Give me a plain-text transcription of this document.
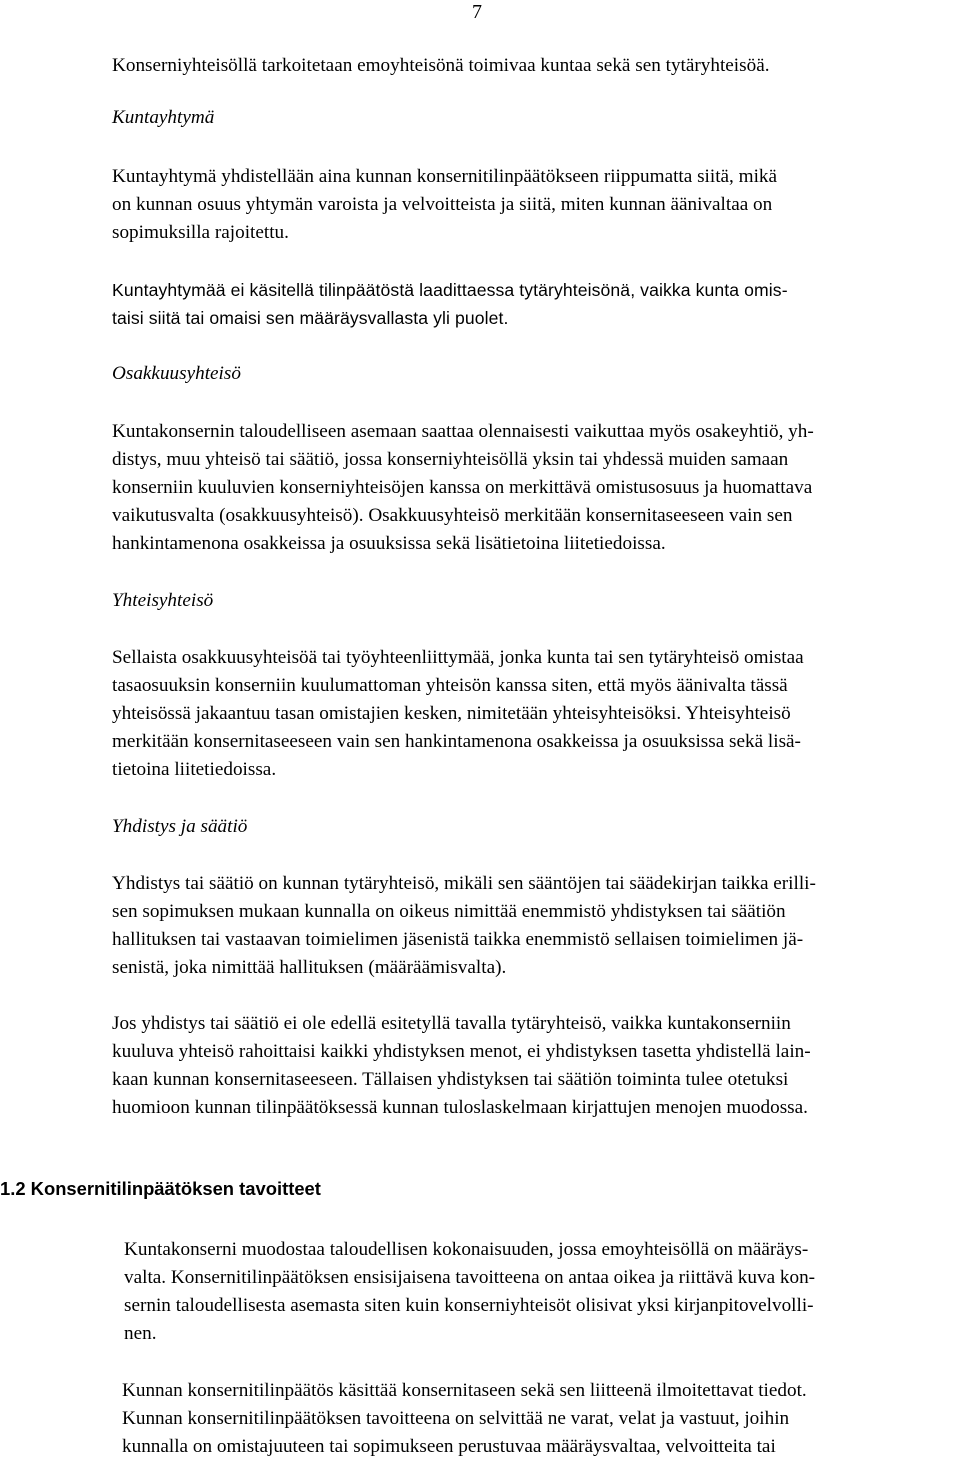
7

Konserniyhteisöllä tarkoitetaan emoyhteisönä toimivaa kuntaa sekä sen tytäryhteisöä.

Kuntayhtymä

Kuntayhtymä yhdistellään aina kunnan konsernitilinpäätökseen riippumatta siitä, mikä
on kunnan osuus yhtymän varoista ja velvoitteista ja siitä, miten kunnan äänivaltaa on
sopimuksilla rajoitettu.

Kuntayhtymää ei käsitellä tilinpäätöstä laadittaessa tytäryhteisönä, vaikka kunta omis-
taisi siitä tai omaisi sen määräysvallasta yli puolet.

Osakkuusyhteisö

Kuntakonsernin taloudelliseen asemaan saattaa olennaisesti vaikuttaa myös osakeyhtiö, yh-
distys, muu yhteisö tai säätiö, jossa konserniyhteisöllä yksin tai yhdessä muiden samaan
konserniin kuuluvien konserniyhteisöjen kanssa on merkittävä omistusosuus ja huomattava
vaikutusvalta (osakkuusyhteisö). Osakkuusyhteisö merkitään konsernitaseeseen vain sen
hankintamenona osakkeissa ja osuuksissa sekä lisätietoina liitetiedoissa.

Yhteisyhteisö

Sellaista osakkuusyhteisöä tai työyhteenliittymää, jonka kunta tai sen tytäryhteisö omistaa
tasaosuuksin konserniin kuulumattoman yhteisön kanssa siten, että myös äänivalta tässä
yhteisössä jakaantuu tasan omistajien kesken, nimitetään yhteisyhteisöksi. Yhteisyhteisö
merkitään konsernitaseeseen vain sen hankintamenona osakkeissa ja osuuksissa sekä lisä-
tietoina liitetiedoissa.

Yhdistys ja säätiö

Yhdistys tai säätiö on kunnan tytäryhteisö, mikäli sen sääntöjen tai säädekirjan taikka erilli-
sen sopimuksen mukaan kunnalla on oikeus nimittää enemmistö yhdistyksen tai säätiön
hallituksen tai vastaavan toimielimen jäsenistä taikka enemmistö sellaisen toimielimen jä-
senistä, joka nimittää hallituksen (määräämisvalta).

Jos yhdistys tai säätiö ei ole edellä esitetyllä tavalla tytäryhteisö, vaikka kuntakonserniin
kuuluva yhteisö rahoittaisi kaikki yhdistyksen menot, ei yhdistyksen tasetta yhdistellä lain-
kaan kunnan konsernitaseeseen. Tällaisen yhdistyksen tai säätiön toiminta tulee otetuksi
huomioon kunnan tilinpäätöksessä kunnan tuloslaskelmaan kirjattujen menojen muodossa.

1.2 Konsernitilinpäätöksen tavoitteet

Kuntakonserni muodostaa taloudellisen kokonaisuuden, jossa emoyhteisöllä on määräys-
valta. Konsernitilinpäätöksen ensisijaisena tavoitteena on antaa oikea ja riittävä kuva kon-
sernin taloudellisesta asemasta siten kuin konserniyhteisöt olisivat yksi kirjanpitovelvolli-
nen.

Kunnan konsernitilinpäätös käsittää konsernitaseen sekä sen liitteenä ilmoitettavat tiedot.
Kunnan konsernitilinpäätöksen tavoitteena on selvittää ne varat, velat ja vastuut, joihin
kunnalla on omistajuuteen tai sopimukseen perustuvaa määräysvaltaa, velvoitteita tai
